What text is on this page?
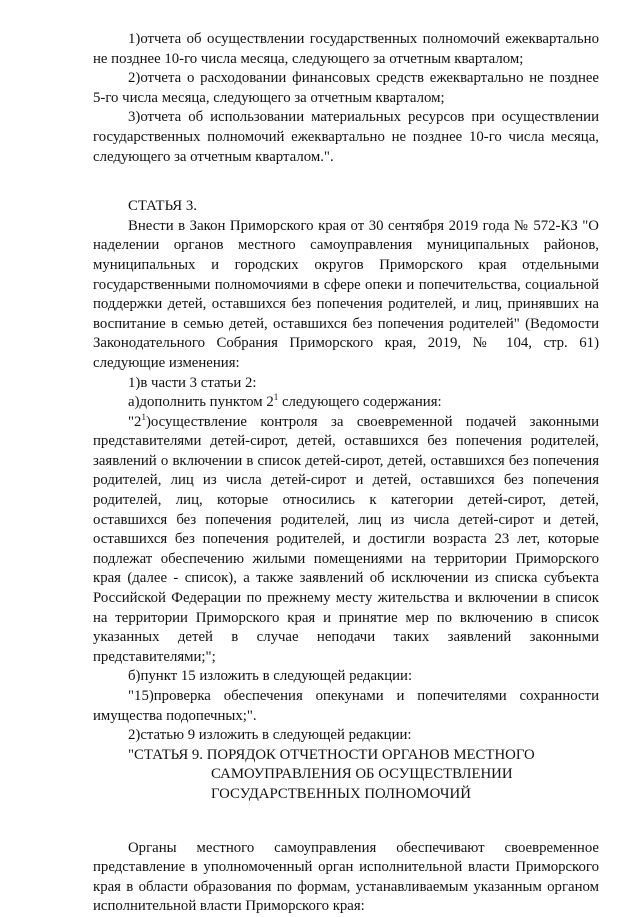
1)отчета об осуществлении государственных полномочий ежеквартально не позднее 10-го числа месяца, следующего за отчетным кварталом;

2)отчета о расходовании финансовых средств ежеквартально не позднее 5-го числа месяца, следующего за отчетным кварталом;

3)отчета об использовании материальных ресурсов при осуществлении государственных полномочий ежеквартально не позднее 10-го числа месяца, следующего за отчетным кварталом.".

СТАТЬЯ 3.

Внести в Закон Приморского края от 30 сентября 2019 года № 572-КЗ "О наделении органов местного самоуправления муниципальных районов, муниципальных и городских округов Приморского края отдельными государственными полномочиями в сфере опеки и попечительства, социальной поддержки детей, оставшихся без попечения родителей, и лиц, принявших на воспитание в семью детей, оставшихся без попечения родителей" (Ведомости Законодательного Собрания Приморского края, 2019, № 104, стр. 61) следующие изменения:

1)в части 3 статьи 2:

а)дополнить пунктом $2^1$ следующего содержания:

"$2^1)осуществление$ контроля за своевременной подачей законными представителями детей-сирот, детей, оставшихся без попечения родителей, заявлений о включении в список детей-сирот, детей, оставшихся без попечения родителей, лиц из числа детей-сирот и детей, оставшихся без попечения родителей, лиц, которые относились к категории детей-сирот, детей, оставшихся без попечения родителей, лиц из числа детей-сирот и детей, оставшихся без попечения родителей, и достигли возраста 23 лет, которые подлежат обеспечению жилыми помещениями на территории Приморского края (далее - список), а также заявлений об исключении из списка субъекта Российской Федерации по прежнему месту жительства и включении в список на территории Приморского края и принятие мер по включению в список указанных детей в случае неподачи таких заявлений законными представителями;";

б)пункт 15 изложить в следующей редакции:

"15)проверка обеспечения опекунами и попечителями сохранности имущества подопечных;".

2)статью 9 изложить в следующей редакции:

"СТАТЬЯ 9. ПОРЯДОК ОТЧЕТНОСТИ ОРГАНОВ МЕСТНОГО

САМОУПРАВЛЕНИЯ ОБ ОСУЩЕСТВЛЕНИИ

ГОСУДАРСТВЕННЫХ ПОЛНОМОЧИЙ

Органы местного самоуправления обеспечивают своевременное представление в уполномоченный орган исполнительной власти Приморского края в области образования по формам, устанавливаемым указанным органом исполнительной власти Приморского края:
